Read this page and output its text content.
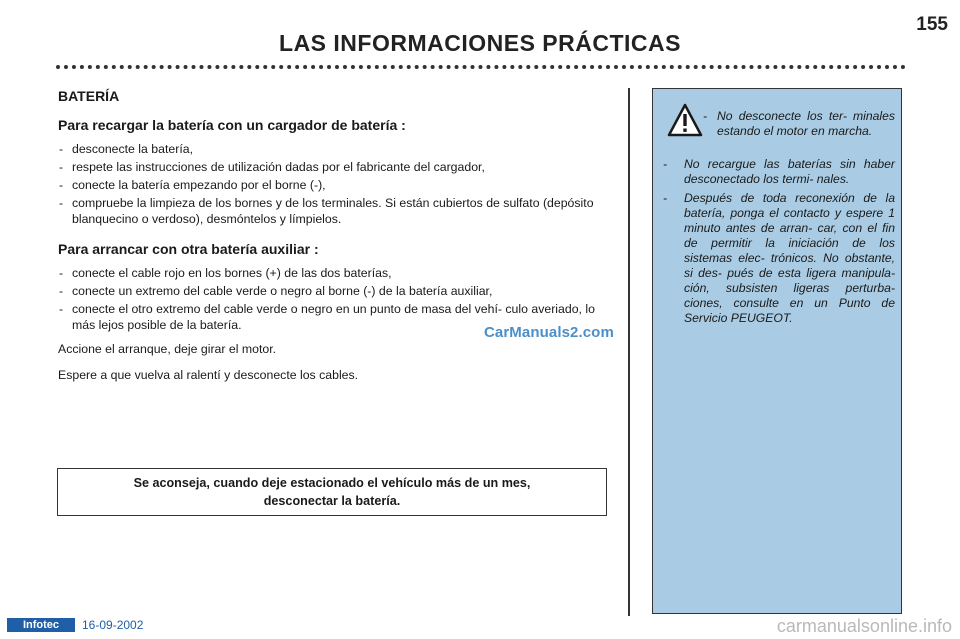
155
LAS INFORMACIONES PRÁCTICAS
BATERÍA
Para recargar la batería con un cargador de batería :
- desconecte la batería,
- respete las instrucciones de utilización dadas por el fabricante del cargador,
- conecte la batería empezando por el borne (-),
- compruebe la limpieza de los bornes y de los terminales. Si están cubiertos de sulfato (depósito blanquecino o verdoso), desmóntelos y límpielos.
Para arrancar con otra batería auxiliar :
- conecte el cable rojo en los bornes (+) de las dos baterías,
- conecte un extremo del cable verde o negro al borne (-) de la batería auxiliar,
- conecte el otro extremo del cable verde o negro en un punto de masa del vehí- culo averiado, lo más lejos posible de la batería.

Accione el arranque, deje girar el motor.

Espere a que vuelva al ralentí y desconecte los cables.

CarManuals2.com
Se aconseja, cuando deje estacionado el vehículo más de un mes,
desconectar la batería.
- No desconecte los ter- minales estando el motor en marcha.
- No recargue las baterías sin haber desconectado los termi- nales.
- Después de toda reconexión de la batería, ponga el contacto y espere 1 minuto antes de arran- car, con el fin de permitir la iniciación de los sistemas elec- trónicos. No obstante, si des- pués de esta ligera manipula- ción, subsisten ligeras perturba- ciones, consulte en un Punto de Servicio PEUGEOT.
Infotec	16-09-2002	carmanualsonline.info
